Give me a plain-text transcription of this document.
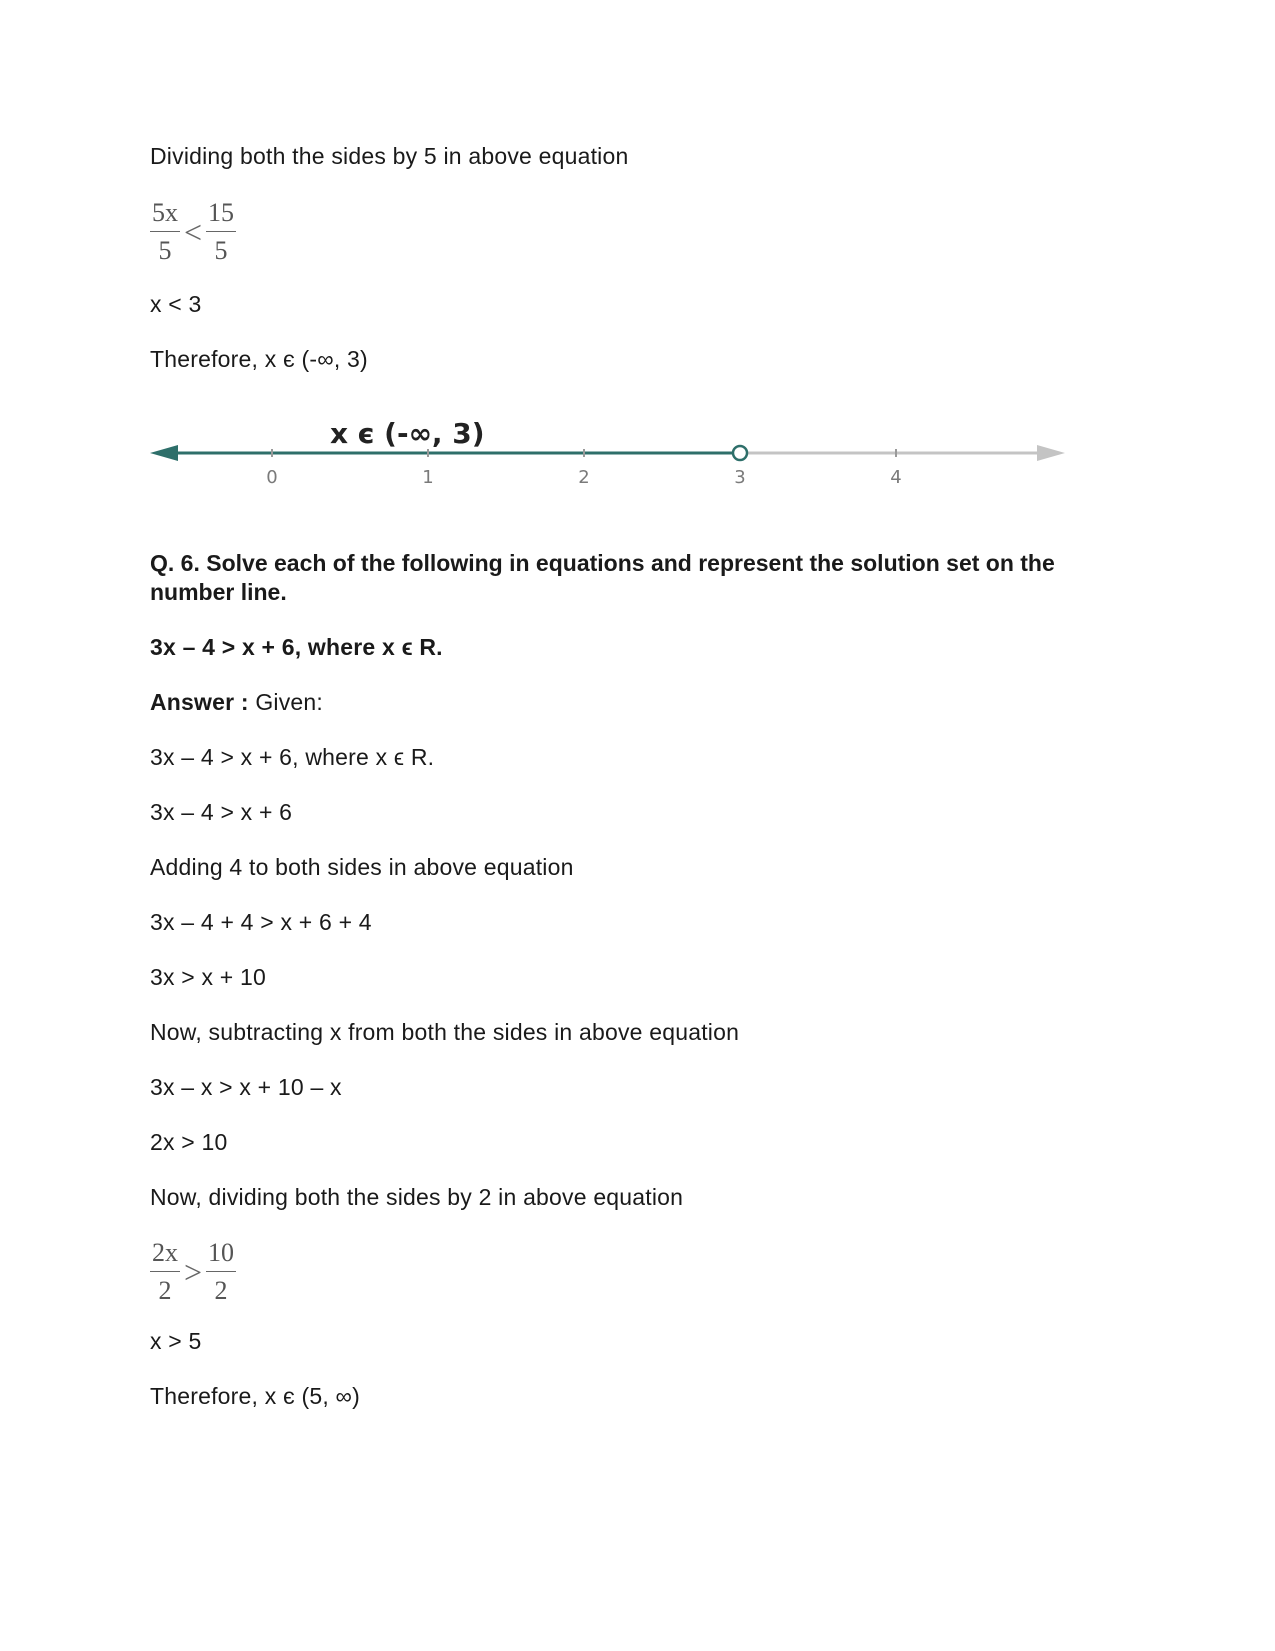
Dividing both the sides by 5 in above equation
$\frac{5x}{5} < \frac{15}{5}$
x < 3
Therefore, x є (-∞, 3)
x є (-∞, 3)
0	1	2	3	4
Q. 6. Solve each of the following in equations and represent the solution set on the number line.
3x – 4 > x + 6, where x ϵ R.
Answer : Given:
3x – 4 > x + 6, where x ϵ R.
3x – 4 > x + 6
Adding 4 to both sides in above equation
3x – 4 + 4 > x + 6 + 4
3x > x + 10
Now, subtracting x from both the sides in above equation
3x – x > x + 10 – x
2x > 10
Now, dividing both the sides by 2 in above equation
$\frac{2x}{2} > \frac{10}{2}$
x > 5
Therefore, x є (5, ∞)
